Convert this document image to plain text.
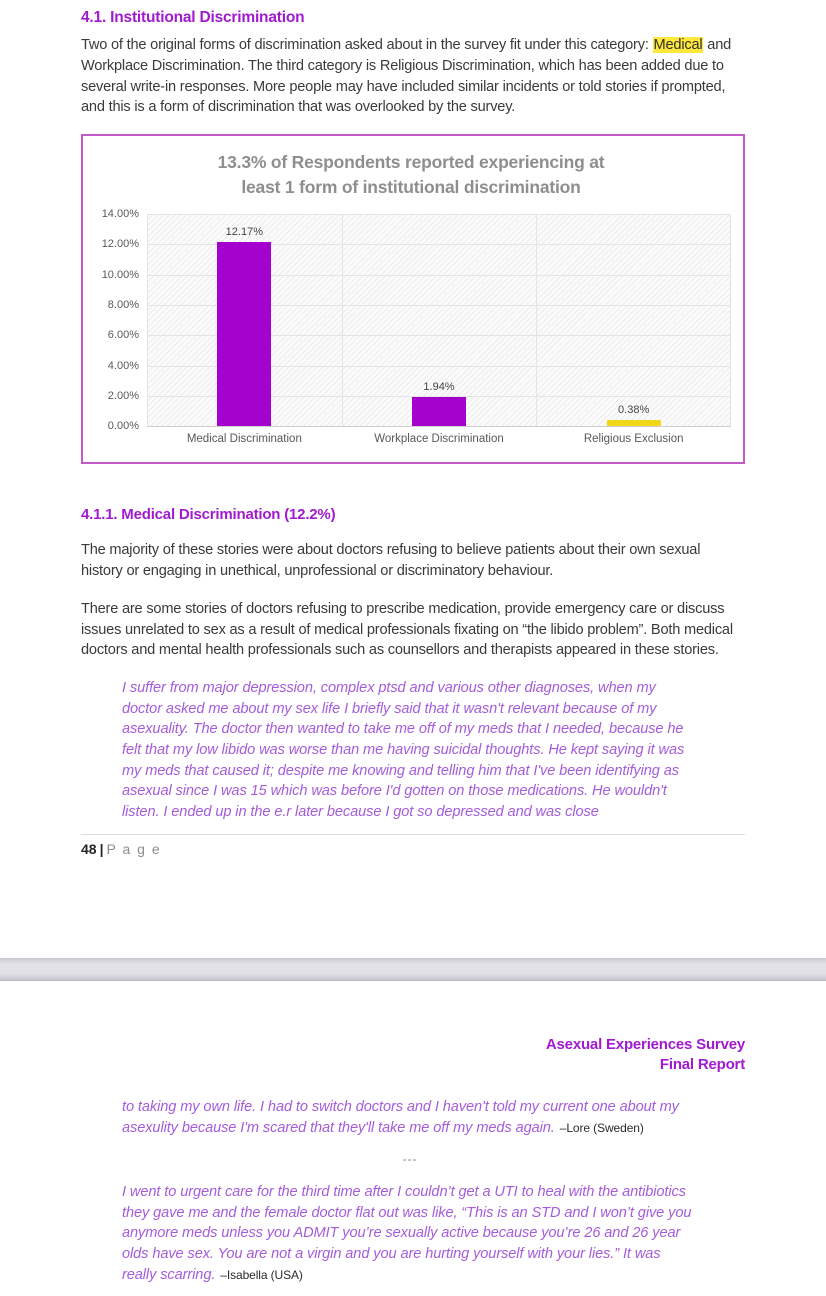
4.1. Institutional Discrimination

Two of the original forms of discrimination asked about in the survey fit under this category: Medical and Workplace Discrimination. The third category is Religious Discrimination, which has been added due to several write-in responses. More people may have included similar incidents or told stories if prompted, and this is a form of discrimination that was overlooked by the survey.

13.3% of Respondents reported experiencing at
least 1 form of institutional discrimination
14.00%
12.00%
10.00%
8.00%
6.00%
4.00%
2.00%
0.00%
12.17%
1.94%
0.38%
Medical Discrimination	Workplace Discrimination	Religious Exclusion
4.1.1. Medical Discrimination (12.2%)

The majority of these stories were about doctors refusing to believe patients about their own sexual history or engaging in unethical, unprofessional or discriminatory behaviour.

There are some stories of doctors refusing to prescribe medication, provide emergency care or discuss issues unrelated to sex as a result of medical professionals fixating on “the libido problem”. Both medical doctors and mental health professionals such as counsellors and therapists appeared in these stories.

I suffer from major depression, complex ptsd and various other diagnoses, when my doctor asked me about my sex life I briefly said that it wasn't relevant because of my asexuality. The doctor then wanted to take me off of my meds that I needed, because he felt that my low libido was worse than me having suicidal thoughts. He kept saying it was my meds that caused it; despite me knowing and telling him that I've been identifying as asexual since I was 15 which was before I'd gotten on those medications. He wouldn't listen. I ended up in the e.r later because I got so depressed and was close
48 | P a g e
Asexual Experiences Survey
Final Report
to taking my own life. I had to switch doctors and I haven't told my current one about my asexulity because I'm scared that they'll take me off my meds again. –Lore (Sweden)
---
I went to urgent care for the third time after I couldn’t get a UTI to heal with the antibiotics they gave me and the female doctor flat out was like, “This is an STD and I won’t give you anymore meds unless you ADMIT you’re sexually active because you’re 26 and 26 year olds have sex. You are not a virgin and you are hurting yourself with your lies.” It was really scarring. –Isabella (USA)
